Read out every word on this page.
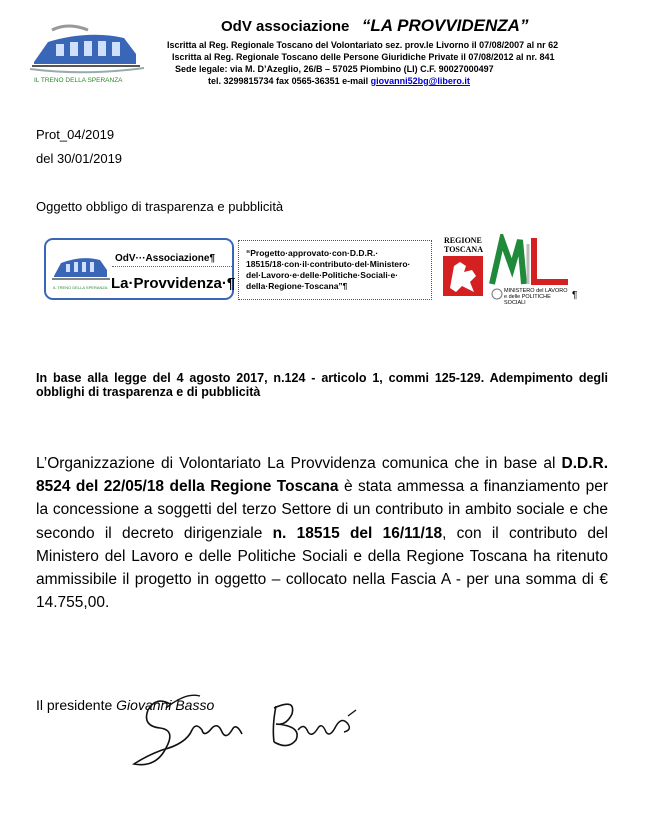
IL TRENO DELLA SPERANZA
OdV associazione “LA PROVVIDENZA”
Iscritta al Reg. Regionale Toscano del Volontariato sez. prov.le Livorno il 07/08/2007 al nr 62
Iscritta al Reg. Regionale Toscano delle Persone Giuridiche Private il 07/08/2012 al nr. 841
Sede legale: via M. D’Azeglio, 26/B – 57025 Piombino (LI) C.F. 90027000497
tel. 3299815734 fax 0565-36351 e-mail giovanni52bg@libero.it
Prot_04/2019
del 30/01/2019
Oggetto obbligo di trasparenza e pubblicità
IL TRENO DELLA SPERANZA
OdV···Associazione¶
La·Provvidenza·¶
“Progetto·approvato·con·D.D.R.· 18515/18·con·il·contributo·del·Ministero· del·Lavoro·e·delle·Politiche·Sociali·e· della·Regione·Toscana”¶
REGIONE
TOSCANA
MINISTERO del LAVORO e delle POLITICHE SOCIALI
¶
In base alla legge del 4 agosto 2017, n.124 - articolo 1, commi 125-129. Adempimento degli obblighi di trasparenza e di pubblicità
L’Organizzazione di Volontariato La Provvidenza comunica che in base al D.D.R. 8524 del 22/05/18 della Regione Toscana è stata ammessa a finanziamento per la concessione a soggetti del terzo Settore di un contributo in ambito sociale e che secondo il decreto dirigenziale n. 18515 del 16/11/18, con il contributo del Ministero del Lavoro e delle Politiche Sociali e della Regione Toscana ha ritenuto ammissibile il progetto in oggetto – collocato nella Fascia A - per una somma di € 14.755,00.
Il presidente Giovanni Basso
